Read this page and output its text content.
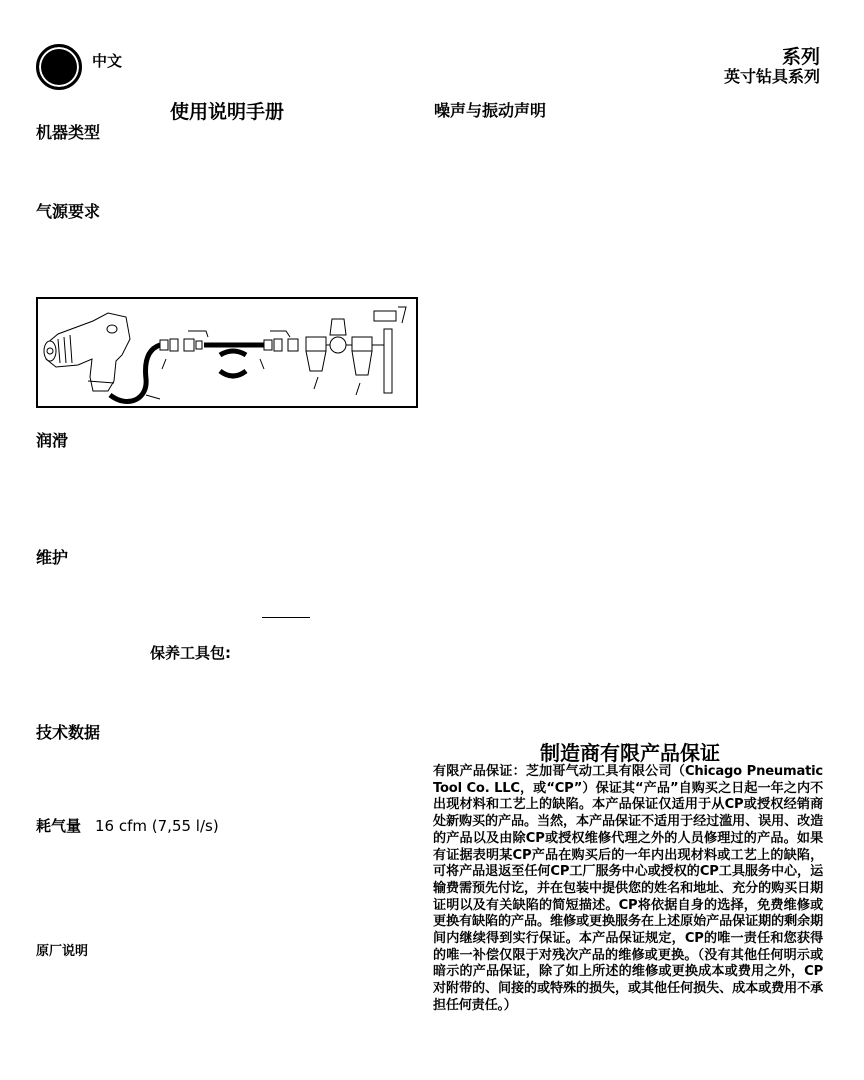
中文	系列
英寸钻具系列
使用说明手册	噪声与振动声明
机器类型
气源要求
润滑
维护
保养工具包:
技术数据
耗气量 16 cfm (7,55 l/s)
原厂说明
制造商有限产品保证
有限产品保证：芝加哥气动工具有限公司（Chicago Pneumatic Tool Co. LLC，或“CP”）保证其“产品”自购买之日起一年之内不出现材料和工艺上的缺陷。本产品保证仅适用于从CP或授权经销商处新购买的产品。当然，本产品保证不适用于经过滥用、误用、改造的产品以及由除CP或授权维修代理之外的人员修理过的产品。如果有证据表明某CP产品在购买后的一年内出现材料或工艺上的缺陷，可将产品退返至任何CP工厂服务中心或授权的CP工具服务中心，运输费需预先付讫，并在包装中提供您的姓名和地址、充分的购买日期证明以及有关缺陷的简短描述。CP将依据自身的选择，免费维修或更换有缺陷的产品。维修或更换服务在上述原始产品保证期的剩余期间内继续得到实行保证。本产品保证规定，CP的唯一责任和您获得的唯一补偿仅限于对残次产品的维修或更换。（没有其他任何明示或暗示的产品保证，除了如上所述的维修或更换成本或费用之外，CP对附带的、间接的或特殊的损失，或其他任何损失、成本或费用不承担任何责任。）
